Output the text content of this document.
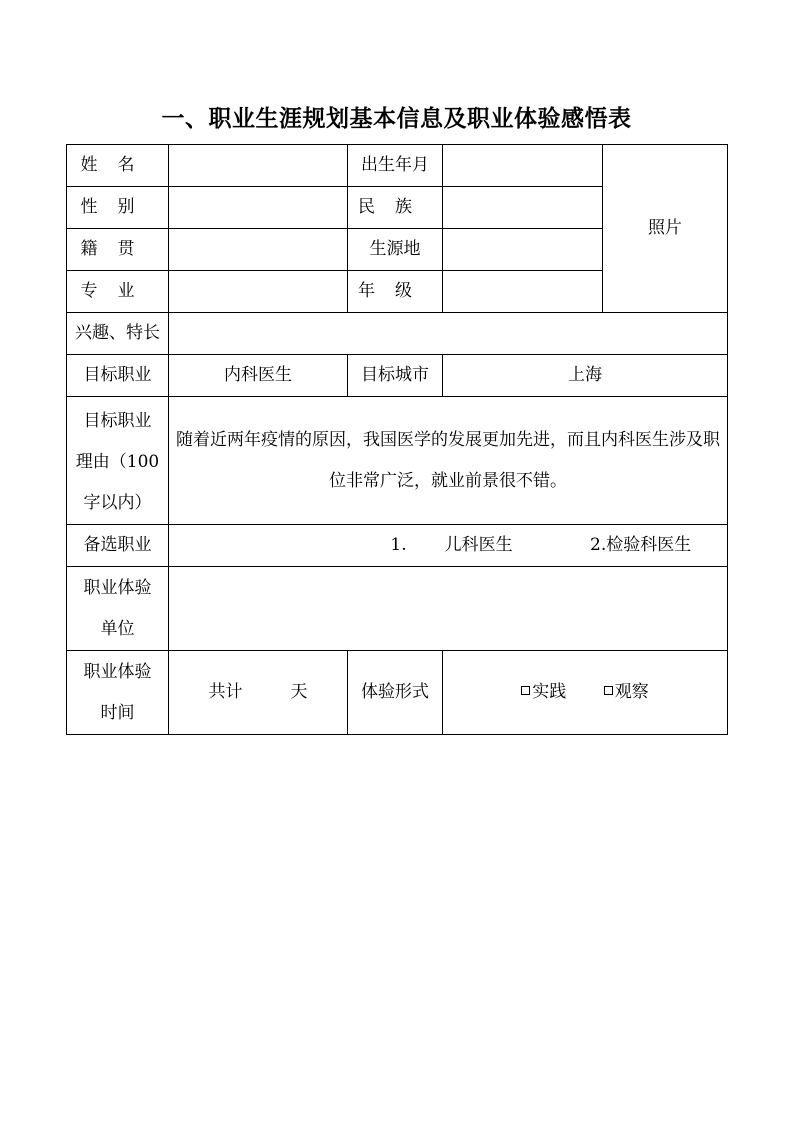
一、职业生涯规划基本信息及职业体验感悟表
姓名		出生年月		照片
性别		民族		
籍贯		生源地		
专业		年级		
兴趣、特长				
目标职业	内科医生	目标城市	上海	

目标职业
理由（100
字以内）	随着近两年疫情的原因，我国医学的发展更加先进，而且内科医生涉及职位非常广泛，就业前景很不错。			
备选职业	1. 儿科医生 2.检验科医生			

职业体验
单位				

职业体验
时间	共计 天	体验形式	实践 观察	
